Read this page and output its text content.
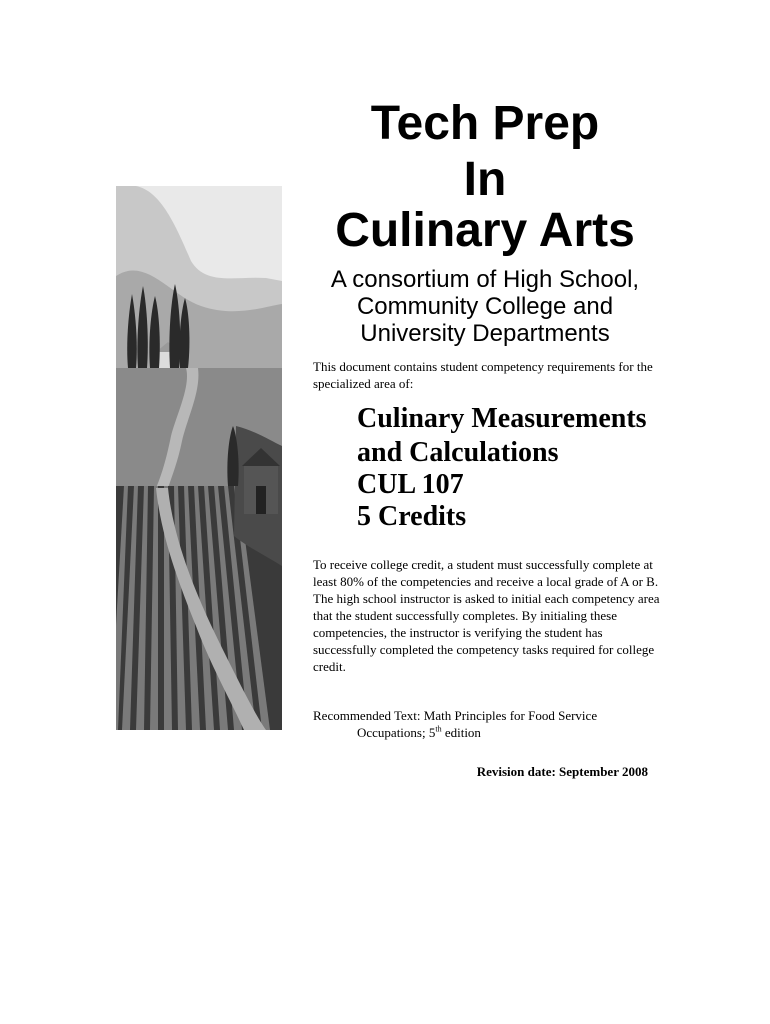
Tech Prep
In
Culinary Arts

A consortium of High School,

Community College and

University Departments

This document contains student competency requirements for the specialized area of:

Culinary Measurements

and Calculations

CUL 107

5 Credits

To receive college credit, a student must successfully complete at least 80% of the competencies and receive a local grade of A or B. The high school instructor is asked to initial each competency area that the student successfully completes. By initialing these competencies, the instructor is verifying the student has successfully completed the competency tasks required for college credit.

Recommended Text: Math Principles for Food Service
Occupations; 5th edition

Revision date: September 2008
